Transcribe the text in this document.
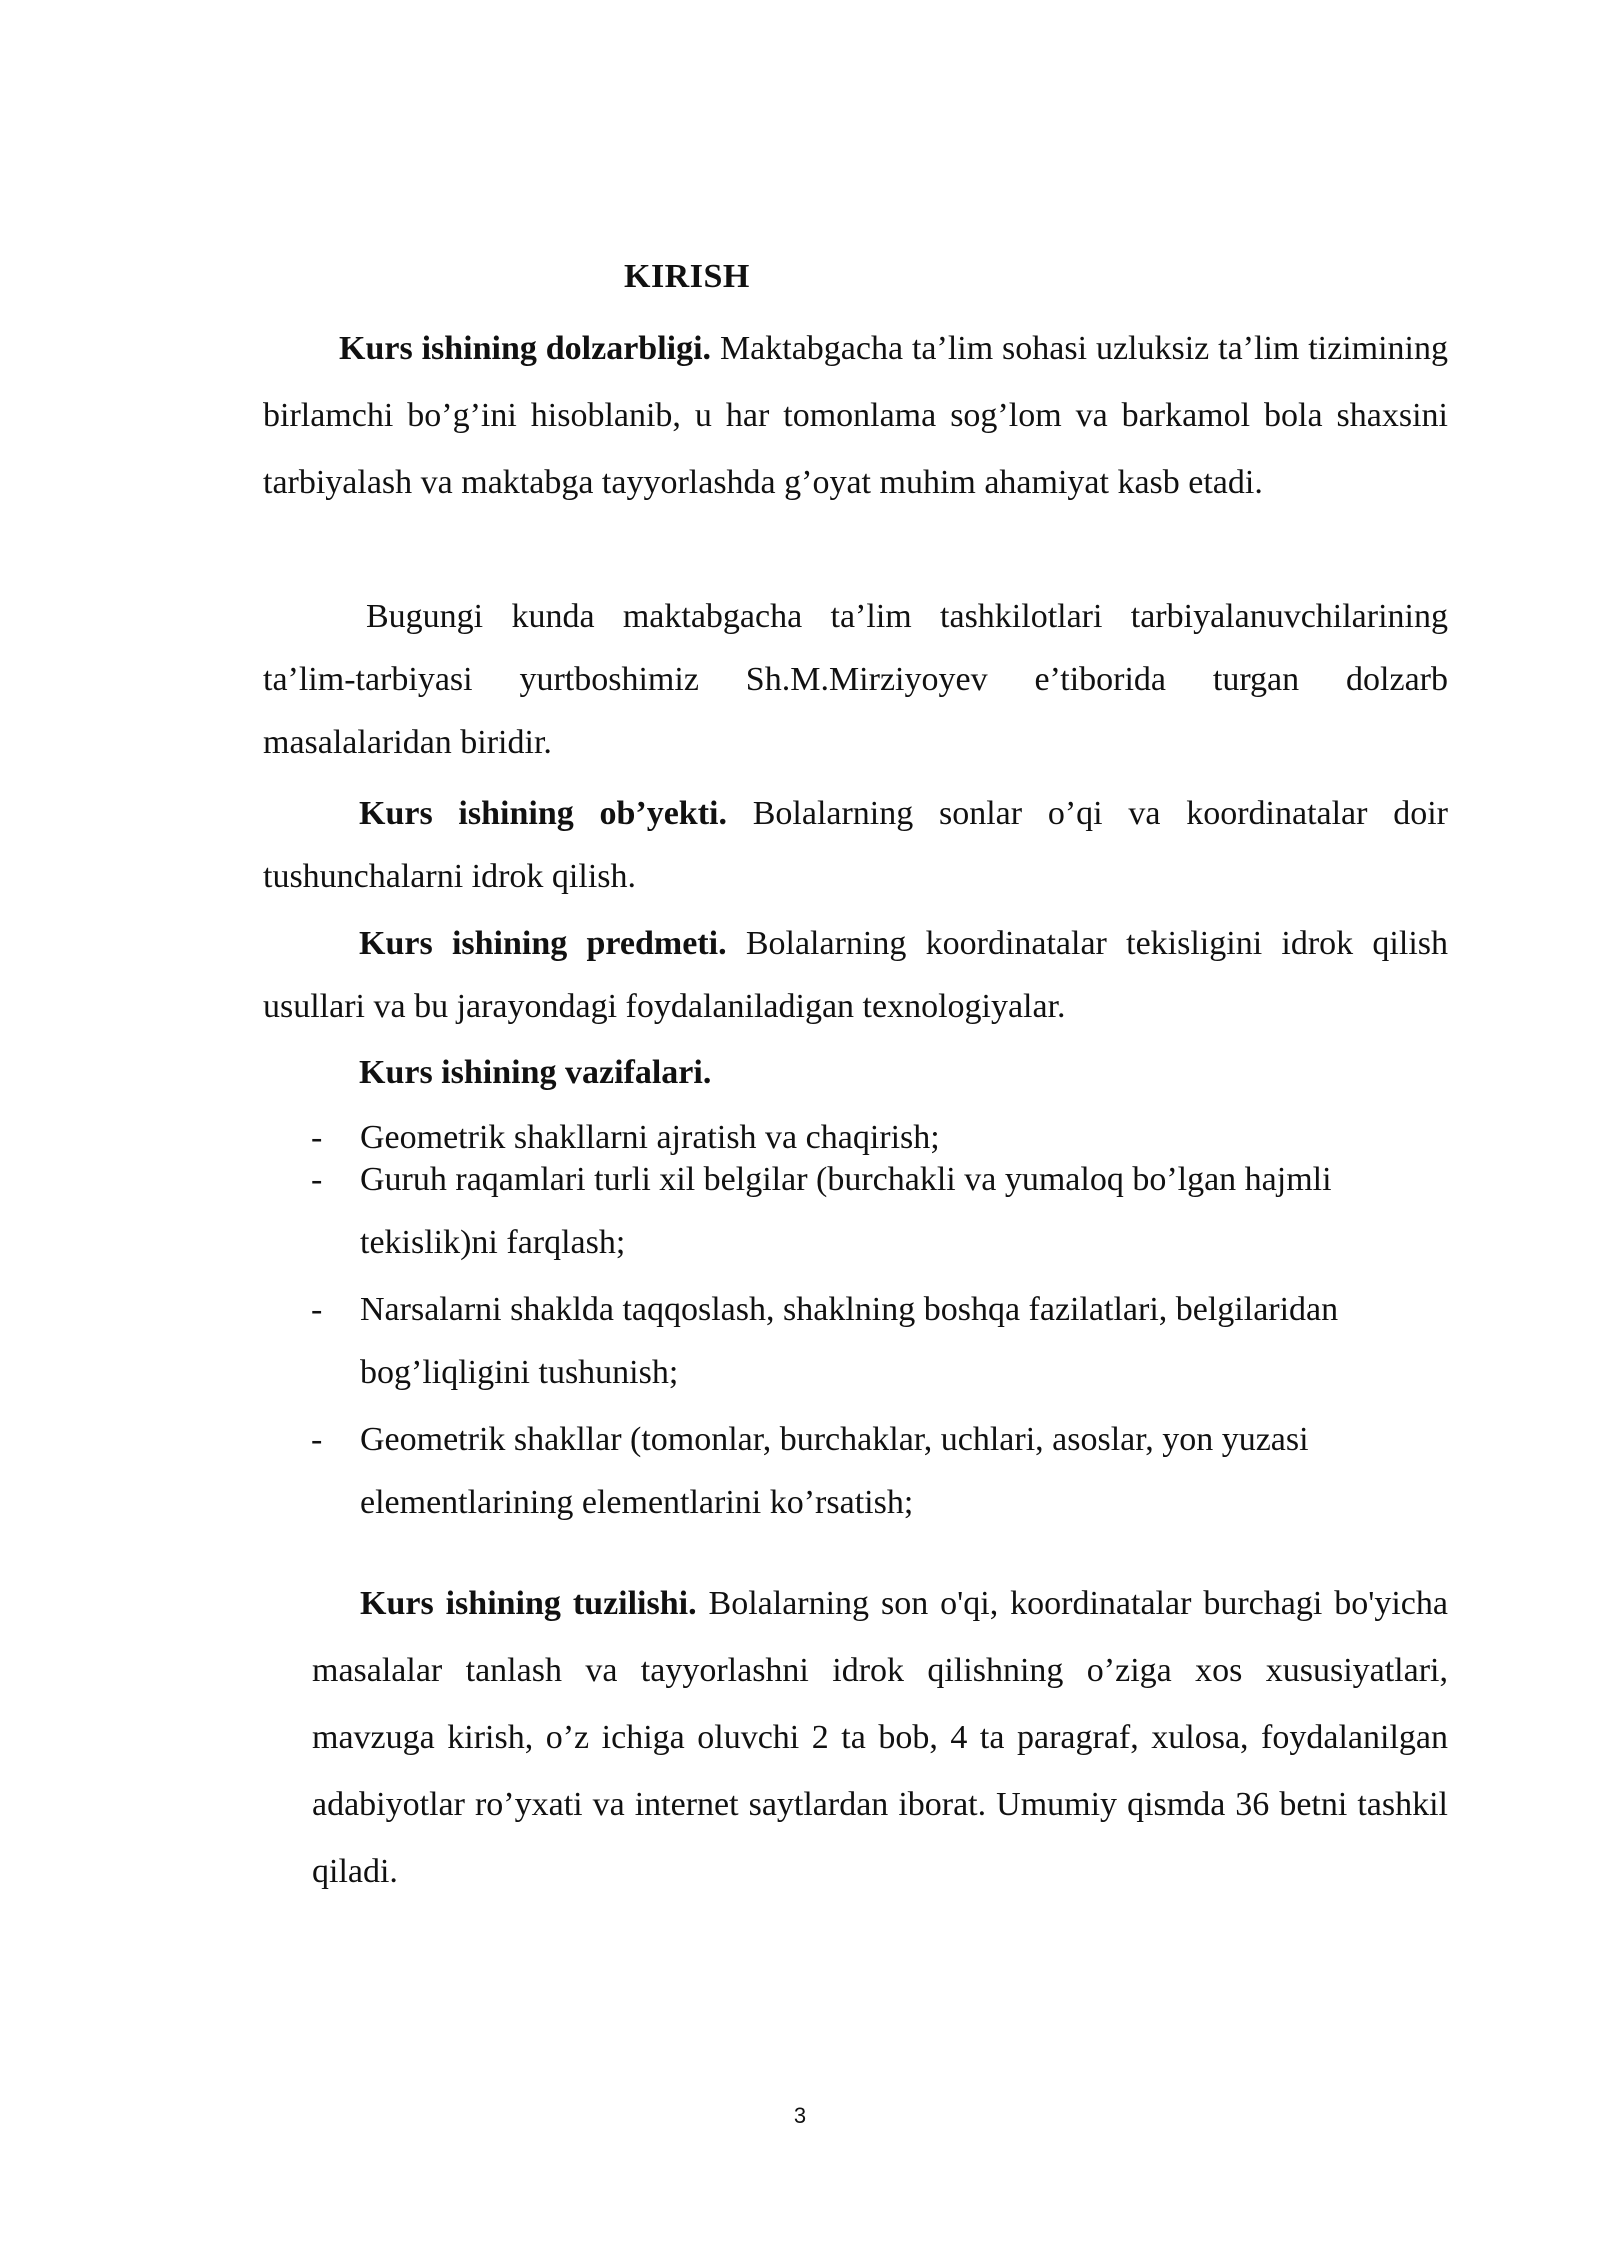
KIRISH

Kurs ishining dolzarbligi. Maktabgacha ta’lim sohasi uzluksiz ta’lim tizimining birlamchi bo’g’ini hisoblanib, u har tomonlama sog’lom va barkamol bola shaxsini tarbiyalash va maktabga tayyorlashda g’oyat muhim ahamiyat kasb etadi.

Bugungi kunda maktabgacha ta’lim tashkilotlari tarbiyalanuvchilarining ta’lim-tarbiyasi yurtboshimiz Sh.M.Mirziyoyev e’tiborida turgan dolzarb masalalaridan biridir.

Kurs ishining ob’yekti. Bolalarning sonlar o’qi va koordinatalar doir tushunchalarni idrok qilish.

Kurs ishining predmeti. Bolalarning koordinatalar tekisligini idrok qilish usullari va bu jarayondagi foydalaniladigan texnologiyalar.

Kurs ishining vazifalari.

- Geometrik shakllarni ajratish va chaqirish;
- Guruh raqamlari turli xil belgilar (burchakli va yumaloq bo’lgan hajmli tekislik)ni farqlash;
- Narsalarni shaklda taqqoslash, shaklning boshqa fazilatlari, belgilaridan bog’liqligini tushunish;
- Geometrik shakllar (tomonlar, burchaklar, uchlari, asoslar, yon yuzasi elementlarining elementlarini ko’rsatish;

Kurs ishining tuzilishi. Bolalarning son o'qi, koordinatalar burchagi bo'yicha masalalar tanlash va tayyorlashni idrok qilishning o’ziga xos xususiyatlari, mavzuga kirish, o’z ichiga oluvchi 2 ta bob, 4 ta paragraf, xulosa, foydalanilgan adabiyotlar ro’yxati va internet saytlardan iborat. Umumiy qismda 36 betni tashkil qiladi.

3
